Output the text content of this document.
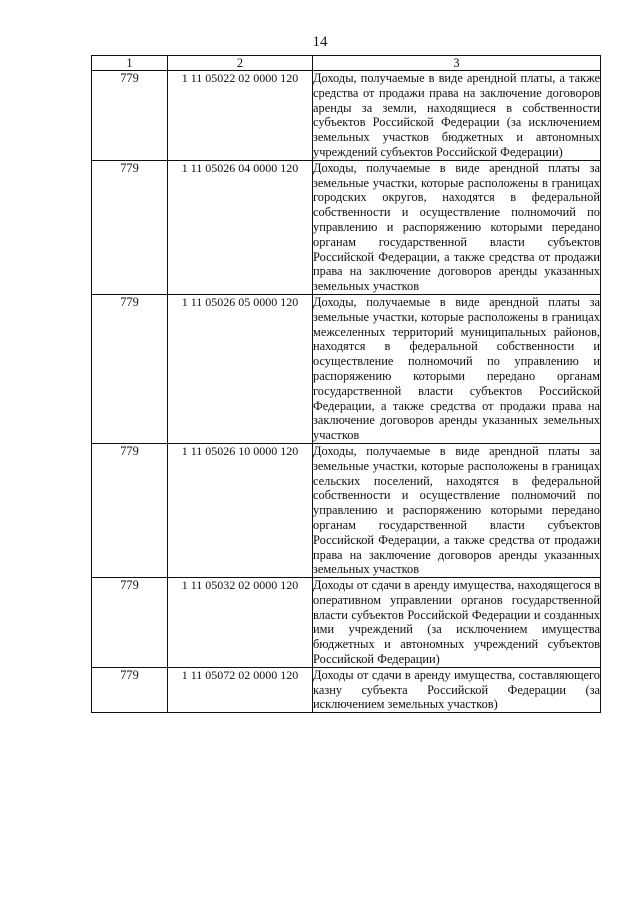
14
1	2	3
779	1 11 05022 02 0000 120	Доходы, получаемые в виде арендной платы, а также средства от продажи права на заключение договоров аренды за земли, находящиеся в собственности субъектов Российской Федерации (за исключением земельных участков бюджетных и автономных учреждений субъектов Российской Федерации)
779	1 11 05026 04 0000 120	Доходы, получаемые в виде арендной платы за земельные участки, которые расположены в границах городских округов, находятся в федеральной собственности и осуществление полномочий по управлению и распоряжению которыми передано органам государственной власти субъектов Российской Федерации, а также средства от продажи права на заключение договоров аренды указанных земельных участков
779	1 11 05026 05 0000 120	Доходы, получаемые в виде арендной платы за земельные участки, которые расположены в границах межселенных территорий муниципальных районов, находятся в федеральной собственности и осуществление полномочий по управлению и распоряжению которыми передано органам государственной власти субъектов Российской Федерации, а также средства от продажи права на заключение договоров аренды указанных земельных участков
779	1 11 05026 10 0000 120	Доходы, получаемые в виде арендной платы за земельные участки, которые расположены в границах сельских поселений, находятся в федеральной собственности и осуществление полномочий по управлению и распоряжению которыми передано органам государственной власти субъектов Российской Федерации, а также средства от продажи права на заключение договоров аренды указанных земельных участков
779	1 11 05032 02 0000 120	Доходы от сдачи в аренду имущества, находящегося в оперативном управлении органов государственной власти субъектов Российской Федерации и созданных ими учреждений (за исключением имущества бюджетных и автономных учреждений субъектов Российской Федерации)
779	1 11 05072 02 0000 120	Доходы от сдачи в аренду имущества, составляющего казну субъекта Российской Федерации (за исключением земельных участков)
